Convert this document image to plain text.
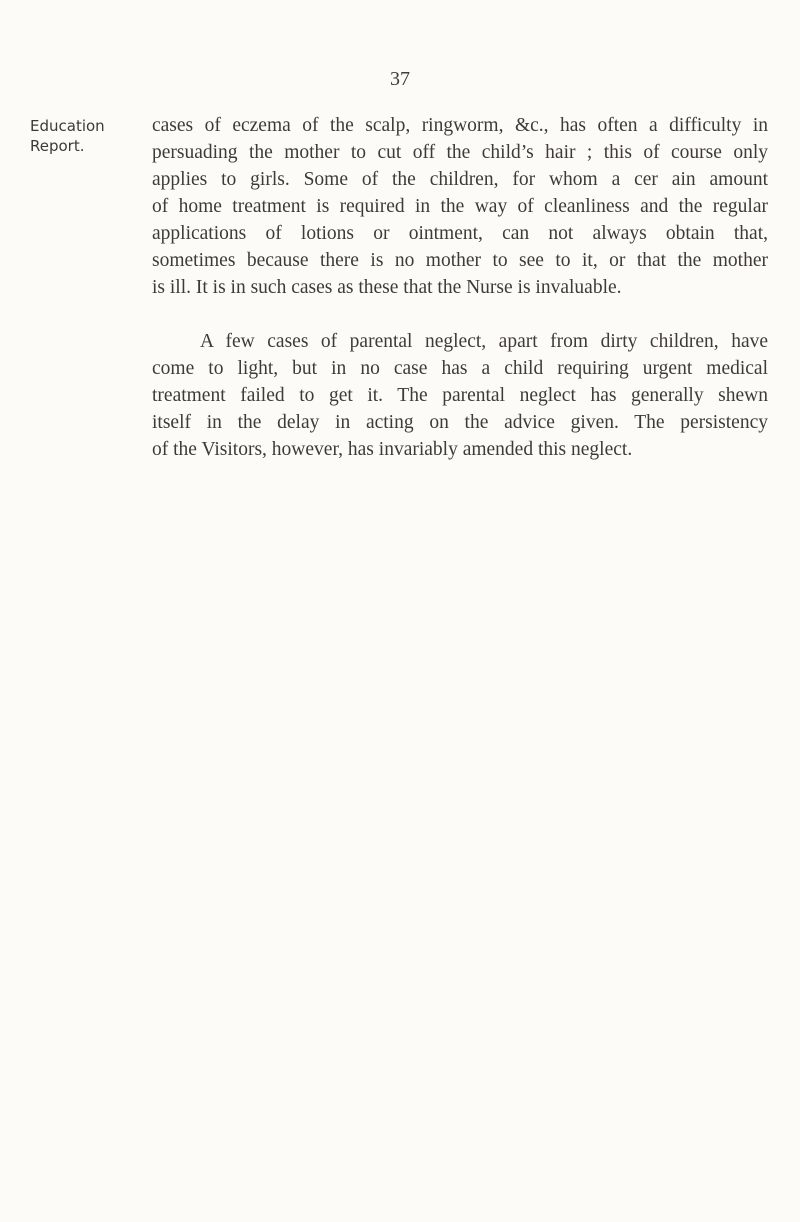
37
Education
Report.

cases of eczema of the scalp, ringworm, &c., has often a difficulty in
persuading the mother to cut off the child’s hair ; this of course only
applies to girls. Some of the children, for whom a cer ain amount
of home treatment is required in the way of cleanliness and the regular
applications of lotions or ointment, can not always obtain that,
sometimes because there is no mother to see to it, or that the mother
is ill. It is in such cases as these that the Nurse is invaluable.

A few cases of parental neglect, apart from dirty children, have
come to light, but in no case has a child requiring urgent medical
treatment failed to get it. The parental neglect has generally shewn
itself in the delay in acting on the advice given. The persistency
of the Visitors, however, has invariably amended this neglect.
